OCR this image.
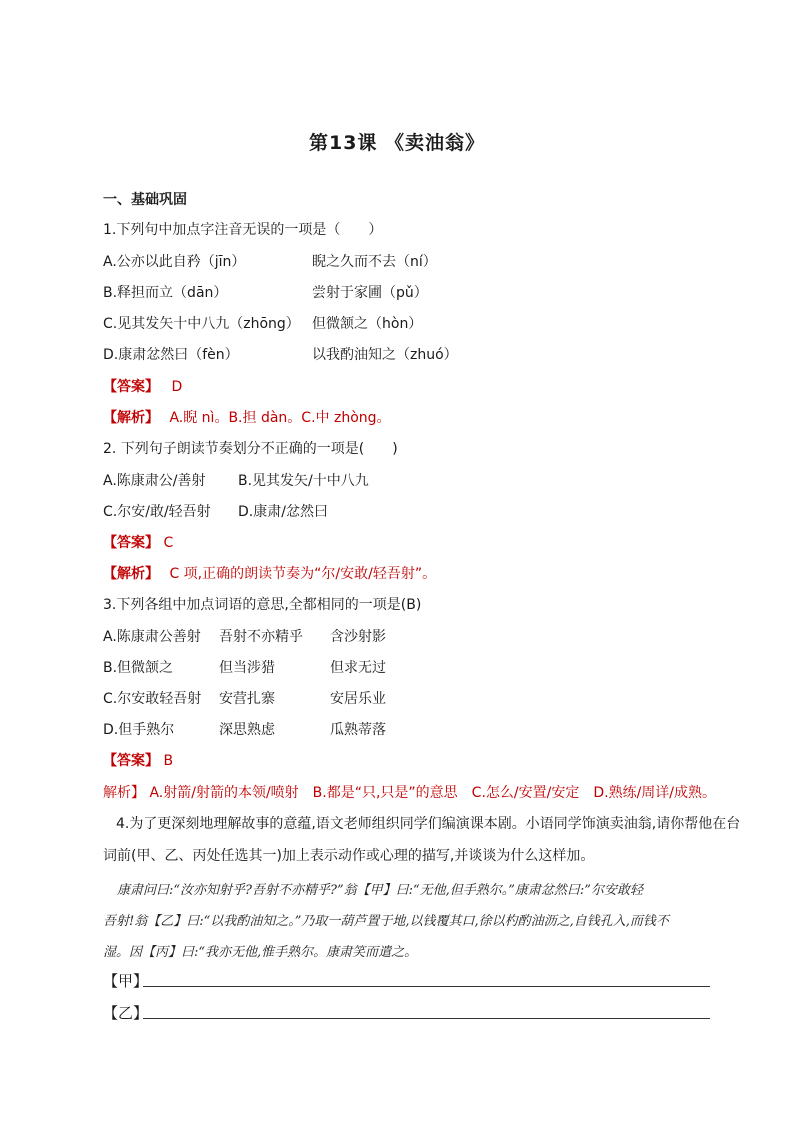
第13课 《卖油翁》
一、基础巩固
1.下列句中加点字注音无误的一项是（　　）
A.公亦以此自矜（jīn）	睨之久而不去（ní）
B.释担而立（dān）	尝射于家圃（pǔ）
C.见其发矢十中八九（zhōng） 但微颔之（hòn）
D.康肃忿然曰（fèn）	以我酌油知之（zhuó）
【答案】 D
【解析】 A.睨 nì。B.担 dàn。C.中 zhòng。
2. 下列句子朗读节奏划分不正确的一项是(　　)
A.陈康肃公/善射 B.见其发矢/十中八九
C.尔安/敢/轻吾射 D.康肃/忿然曰
【答案】 C
【解析】 C 项,正确的朗读节奏为“尔/安敢/轻吾射”。
3.下列各组中加点词语的意思,全都相同的一项是(B)
A.陈康肃公善射 吾射不亦精乎 含沙射影
B.但微颔之	但当涉猎	但求无过
C.尔安敢轻吾射 安营扎寨	安居乐业
D.但手熟尔	深思熟虑	瓜熟蒂落
【答案】 B
解析】 A.射箭/射箭的本领/喷射　B.都是“只,只是”的意思　C.怎么/安置/安定　D.熟练/周详/成熟。
4.为了更深刻地理解故事的意蕴,语文老师组织同学们编演课本剧。小语同学饰演卖油翁,请你帮他在台
词前(甲、乙、丙处任选其一)加上表示动作或心理的描写,并谈谈为什么这样加。
康肃问曰:“汝亦知射乎?吾射不亦精乎?”翁【甲】曰:“无他,但手熟尔。”康肃忿然曰:”尔安敢轻
吾射!翁【乙】曰:“以我酌油知之。”乃取一葫芦置于地,以钱覆其口,徐以杓酌油沥之,自钱孔入,而钱不
湿。因【丙】曰:“我亦无他,惟手熟尔。康肃笑而遣之。
【甲】
【乙】
